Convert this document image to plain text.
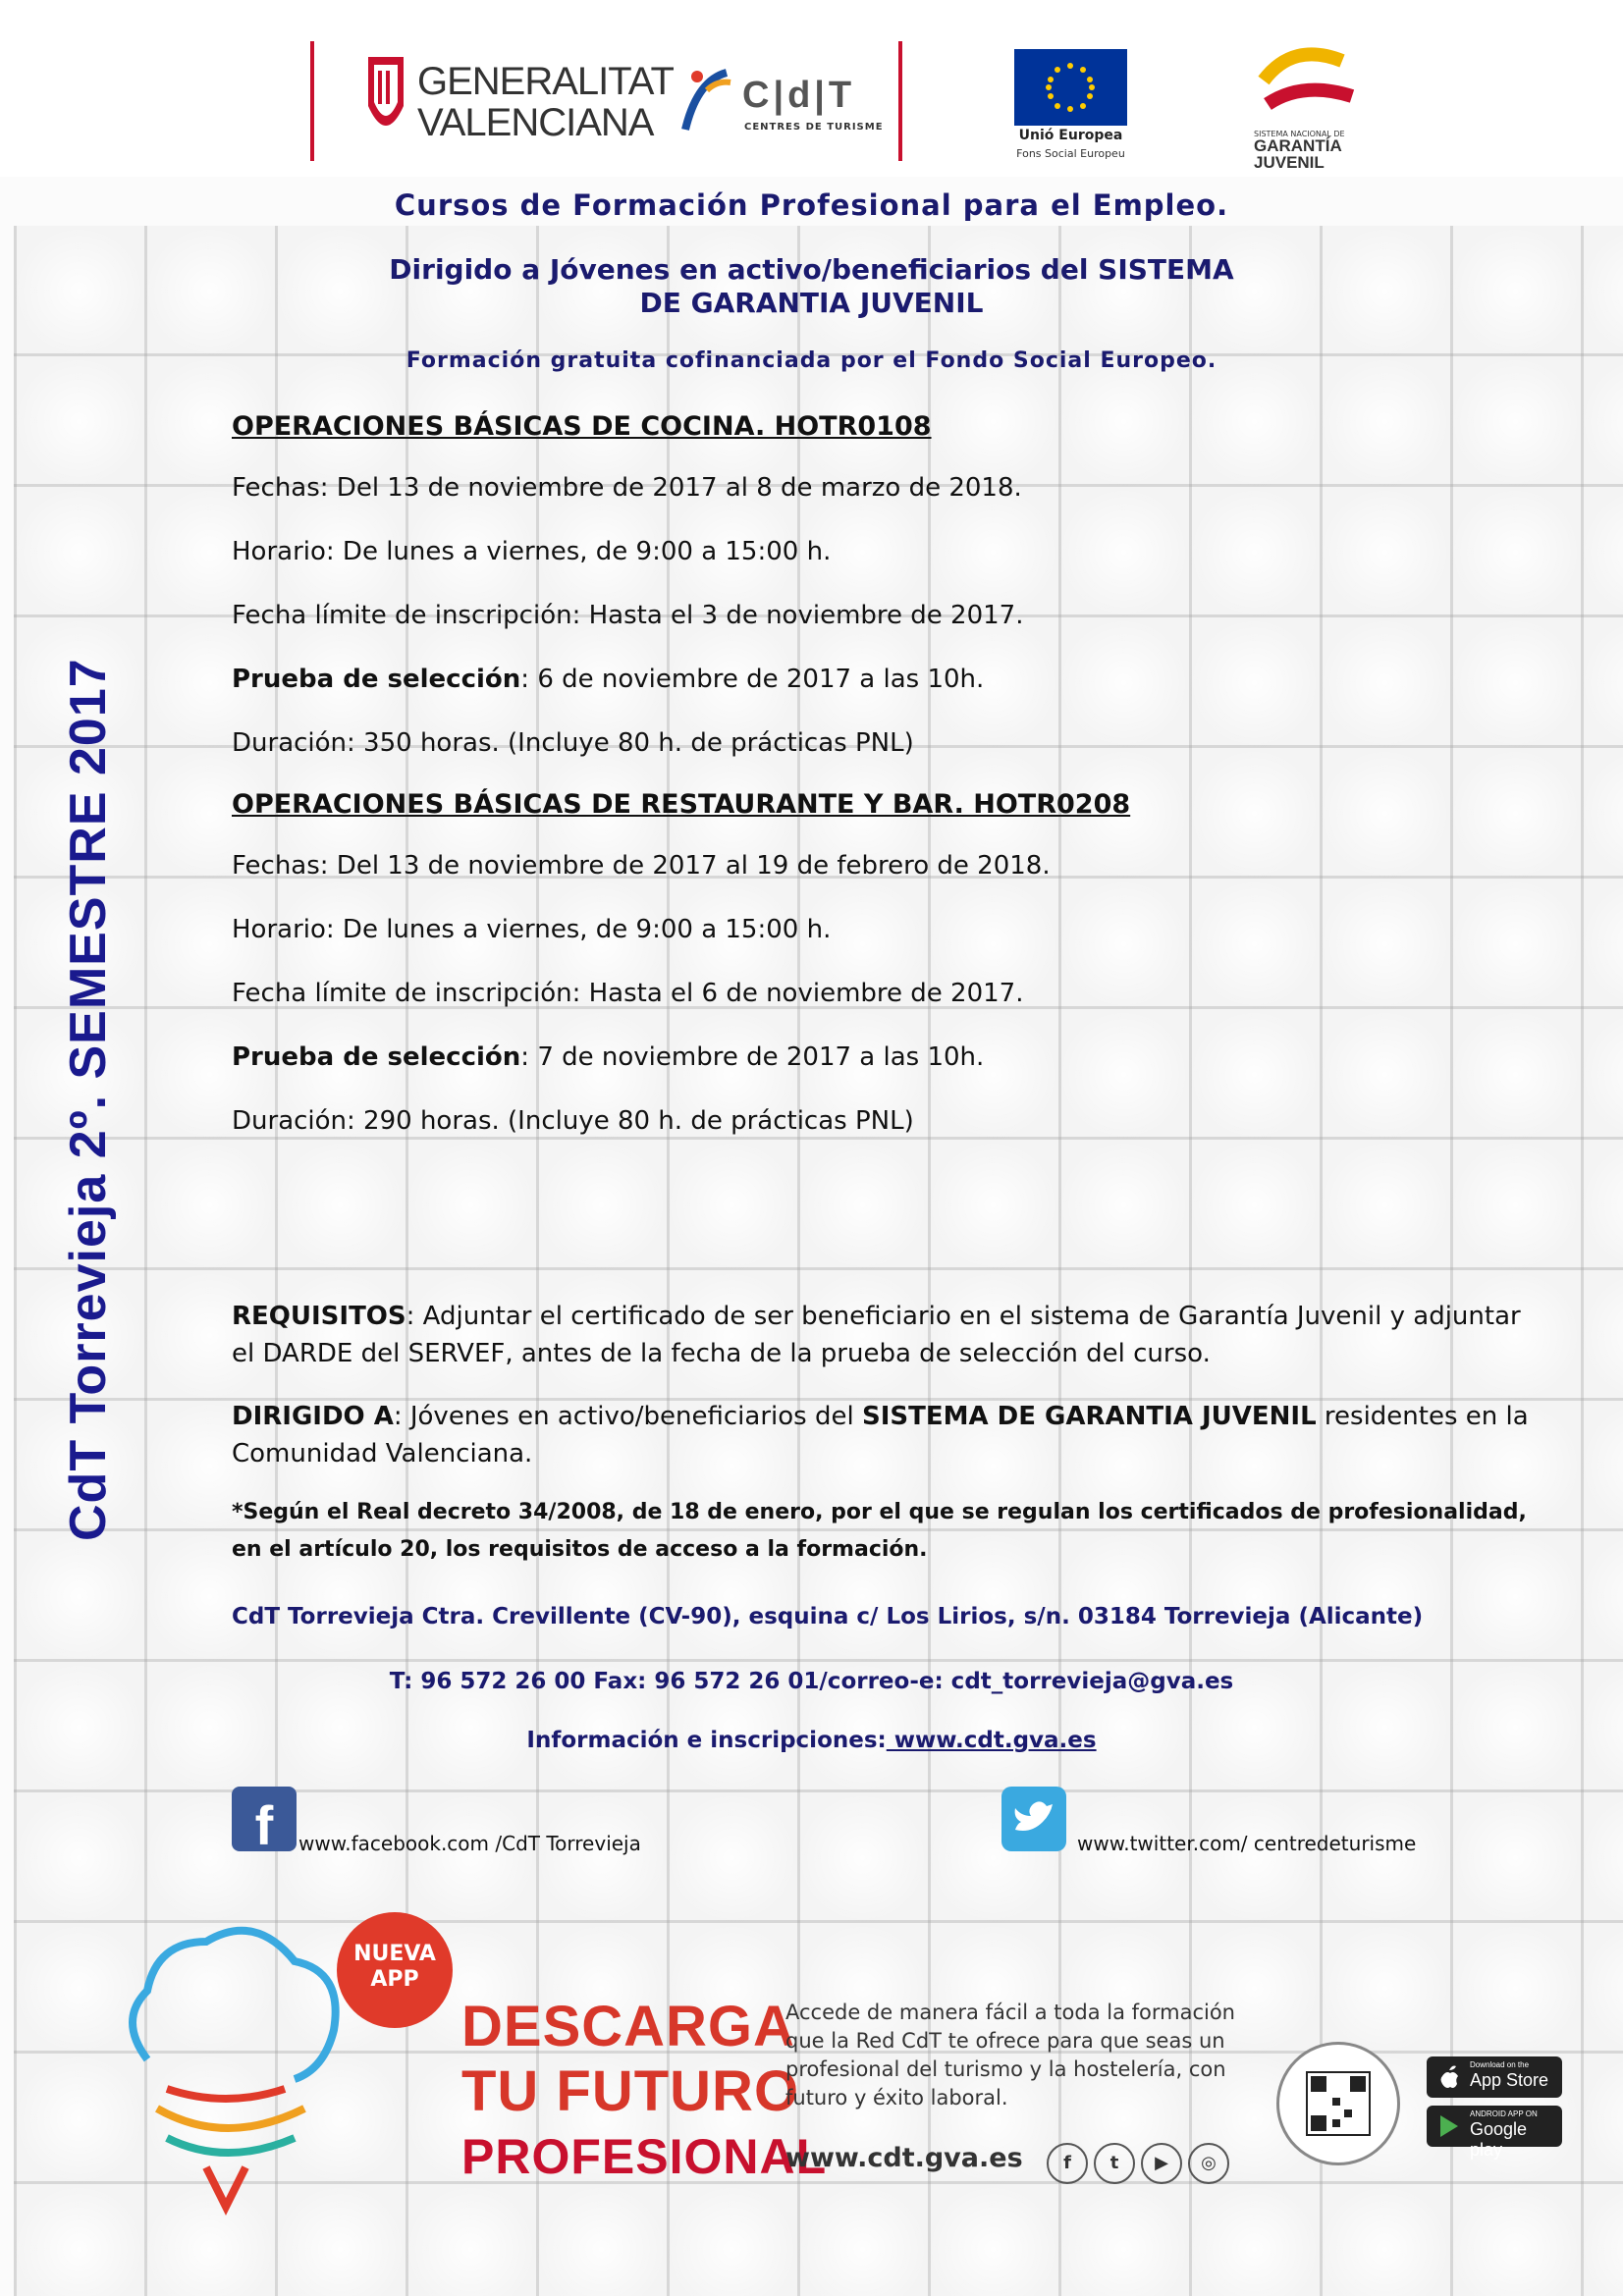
GENERALITAT
VALENCIANA
C|d|T
CENTRES DE TURISME
Unió Europea
Fons Social Europeu
SISTEMA NACIONAL DE
GARANTÍA
JUVENIL
Cursos de Formación Profesional para el Empleo.
Dirigido a Jóvenes en activo/beneficiarios del SISTEMA
DE GARANTIA JUVENIL
Formación gratuita cofinanciada por el Fondo Social Europeo.
CdT Torrevieja 2º. SEMESTRE 2017

OPERACIONES BÁSICAS DE COCINA. HOTR0108

Fechas: Del 13 de noviembre de 2017 al 8 de marzo de 2018.

Horario: De lunes a viernes, de 9:00 a 15:00 h.

Fecha límite de inscripción: Hasta el 3 de noviembre de 2017.

Prueba de selección: 6 de noviembre de 2017 a las 10h.

Duración: 350 horas. (Incluye 80 h. de prácticas PNL)

OPERACIONES BÁSICAS DE RESTAURANTE Y BAR. HOTR0208

Fechas: Del 13 de noviembre de 2017 al 19 de febrero de 2018.

Horario: De lunes a viernes, de 9:00 a 15:00 h.

Fecha límite de inscripción: Hasta el 6 de noviembre de 2017.

Prueba de selección: 7 de noviembre de 2017 a las 10h.

Duración: 290 horas. (Incluye 80 h. de prácticas PNL)

REQUISITOS: Adjuntar el certificado de ser beneficiario en el sistema de Garantía Juvenil y adjuntar el DARDE del SERVEF, antes de la fecha de la prueba de selección del curso.

DIRIGIDO A: Jóvenes en activo/beneficiarios del SISTEMA DE GARANTIA JUVENIL residentes en la Comunidad Valenciana.

*Según el Real decreto 34/2008, de 18 de enero, por el que se regulan los certificados de profesionalidad, en el artículo 20, los requisitos de acceso a la formación.

CdT Torrevieja Ctra. Crevillente (CV-90), esquina c/ Los Lirios, s/n. 03184 Torrevieja (Alicante)
T: 96 572 26 00 Fax: 96 572 26 01/correo-e: cdt_torrevieja@gva.es
Información e inscripciones: www.cdt.gva.es
f	www.facebook.com /CdT Torrevieja	www.twitter.com/ centredeturisme
NUEVA
APP
DESCARGA
TU FUTURO
PROFESIONAL
Accede de manera fácil a toda la formación que la Red CdT te ofrece para que seas un profesional del turismo y la hostelería, con futuro y éxito laboral.
www.cdt.gva.es	f	t	▶	◎
Download on the
App Store
ANDROID APP ON
Google play
